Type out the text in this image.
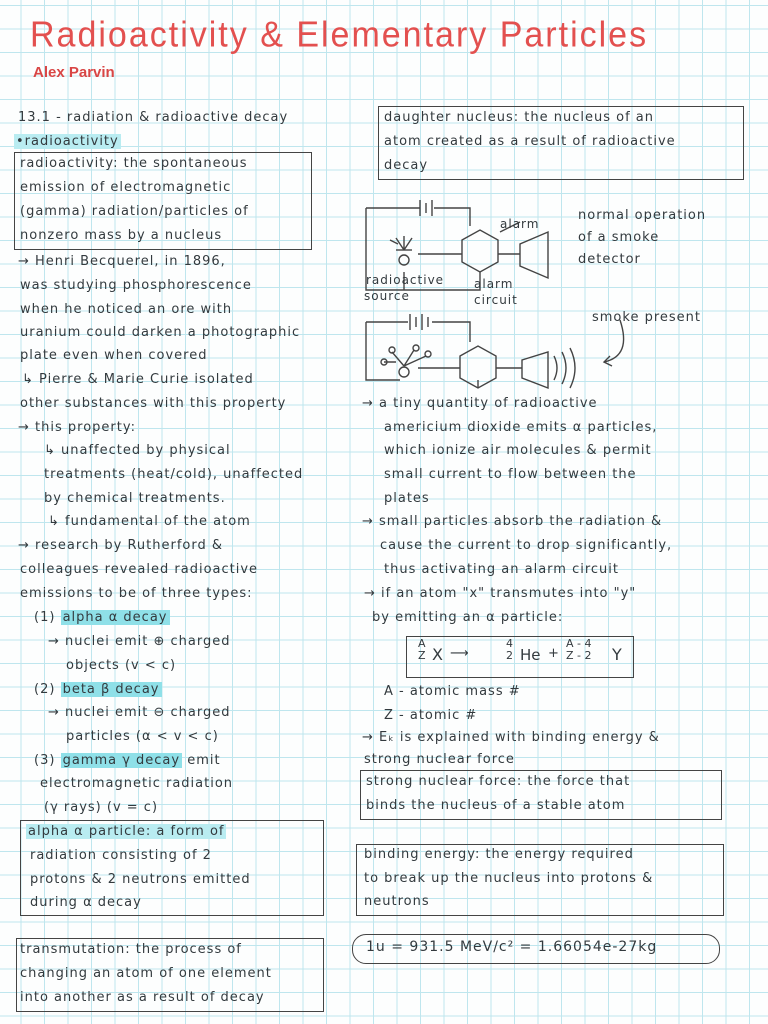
Radioactivity & Elementary Particles
Alex Parvin
13.1 - radiation & radioactive decay
•radioactivity
radioactivity: the spontaneous
emission of electromagnetic
(gamma) radiation/particles of
nonzero mass by a nucleus
→ Henri Becquerel, in 1896,
was studying phosphorescence
when he noticed an ore with
uranium could darken a photographic
plate even when covered
↳ Pierre & Marie Curie isolated
other substances with this property
→ this property:
↳ unaffected by physical
treatments (heat/cold), unaffected
by chemical treatments.
↳ fundamental of the atom
→ research by Rutherford &
colleagues revealed radioactive
emissions to be of three types:
(1) alpha α decay
→ nuclei emit ⊕ charged
objects (v < c)
(2) beta β decay
→ nuclei emit ⊖ charged
particles (α < v < c)
(3) gamma γ decay emit
electromagnetic radiation
(γ rays) (v = c)
alpha α particle: a form of
radiation consisting of 2
protons & 2 neutrons emitted
during α decay
transmutation: the process of
changing an atom of one element
into another as a result of decay
daughter nucleus: the nucleus of an
atom created as a result of radioactive
decay
alarm
radioactive
source
alarm
circuit
normal operation
of a smoke
detector
smoke present
→ a tiny quantity of radioactive
americium dioxide emits α particles,
which ionize air molecules & permit
small current to flow between the
plates
→ small particles absorb the radiation &
cause the current to drop significantly,
thus activating an alarm circuit
→ if an atom "x" transmutes into "y"
by emitting an α particle:
A
Z X ⟶
4
2 He +
A - 4
Z - 2 Y
A - atomic mass #
Z - atomic #
→ Eₖ is explained with binding energy &
strong nuclear force
strong nuclear force: the force that
binds the nucleus of a stable atom
binding energy: the energy required
to break up the nucleus into protons &
neutrons
1u = 931.5 MeV/c² = 1.66054e-27kg
